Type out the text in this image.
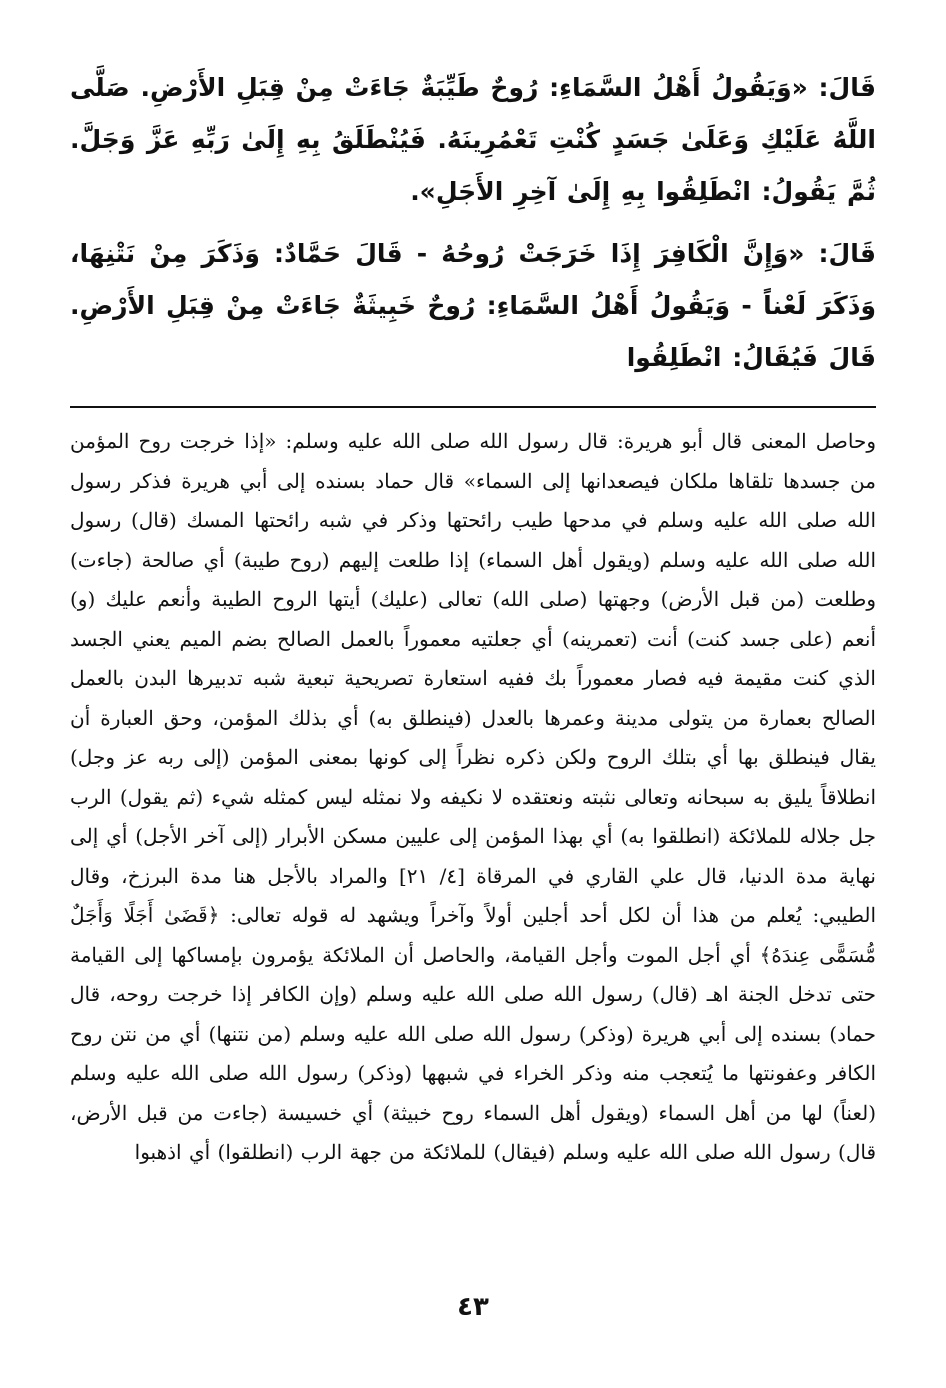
قَالَ: «وَيَقُولُ أَهْلُ السَّمَاءِ: رُوحٌ طَيِّبَةٌ جَاءَتْ مِنْ قِبَلِ الأَرْضِ. صَلَّى اللَّهُ عَلَيْكِ وَعَلَىٰ جَسَدٍ كُنْتِ تَعْمُرِينَهُ. فَيُنْطَلَقُ بِهِ إِلَىٰ رَبِّهِ عَزَّ وَجَلَّ. ثُمَّ يَقُولُ: انْطَلِقُوا بِهِ إِلَىٰ آخِرِ الأَجَلِ».

قَالَ: «وَإِنَّ الْكَافِرَ إِذَا خَرَجَتْ رُوحُهُ - قَالَ حَمَّادٌ: وَذَكَرَ مِنْ نَتْنِهَا، وَذَكَرَ لَعْناً - وَيَقُولُ أَهْلُ السَّمَاءِ: رُوحٌ خَبِيثَةٌ جَاءَتْ مِنْ قِبَلِ الأَرْضِ. قَالَ فَيُقَالُ: انْطَلِقُوا

وحاصل المعنى قال أبو هريرة: قال رسول الله صلى الله عليه وسلم: «إذا خرجت روح المؤمن من جسدها تلقاها ملكان فيصعدانها إلى السماء» قال حماد بسنده إلى أبي هريرة فذكر رسول الله صلى الله عليه وسلم في مدحها طيب رائحتها وذكر في شبه رائحتها المسك (قال) رسول الله صلى الله عليه وسلم (ويقول أهل السماء) إذا طلعت إليهم (روح طيبة) أي صالحة (جاءت) وطلعت (من قبل الأرض) وجهتها (صلى الله) تعالى (عليك) أيتها الروح الطيبة وأنعم عليك (و) أنعم (على جسد كنت) أنت (تعمرينه) أي جعلتيه معموراً بالعمل الصالح بضم الميم يعني الجسد الذي كنت مقيمة فيه فصار معموراً بك ففيه استعارة تصريحية تبعية شبه تدبيرها البدن بالعمل الصالح بعمارة من يتولى مدينة وعمرها بالعدل (فينطلق به) أي بذلك المؤمن، وحق العبارة أن يقال فينطلق بها أي بتلك الروح ولكن ذكره نظراً إلى كونها بمعنى المؤمن (إلى ربه عز وجل) انطلاقاً يليق به سبحانه وتعالى نثبته ونعتقده لا نكيفه ولا نمثله ليس كمثله شيء (ثم يقول) الرب جل جلاله للملائكة (انطلقوا به) أي بهذا المؤمن إلى عليين مسكن الأبرار (إلى آخر الأجل) أي إلى نهاية مدة الدنيا، قال علي القاري في المرقاة [٤/ ٢١] والمراد بالأجل هنا مدة البرزخ، وقال الطيبي: يُعلم من هذا أن لكل أحد أجلين أولاً وآخراً ويشهد له قوله تعالى: ﴿قَضَىٰ أَجَلًا وَأَجَلٌ مُّسَمًّى عِندَهُ﴾ أي أجل الموت وأجل القيامة، والحاصل أن الملائكة يؤمرون بإمساكها إلى القيامة حتى تدخل الجنة اهـ (قال) رسول الله صلى الله عليه وسلم (وإن الكافر إذا خرجت روحه، قال حماد) بسنده إلى أبي هريرة (وذكر) رسول الله صلى الله عليه وسلم (من نتنها) أي من نتن روح الكافر وعفونتها ما يُتعجب منه وذكر الخراء في شبهها (وذكر) رسول الله صلى الله عليه وسلم (لعناً) لها من أهل السماء (ويقول أهل السماء روح خبيثة) أي خسيسة (جاءت من قبل الأرض، قال) رسول الله صلى الله عليه وسلم (فيقال) للملائكة من جهة الرب (انطلقوا) أي اذهبوا

٤٣
